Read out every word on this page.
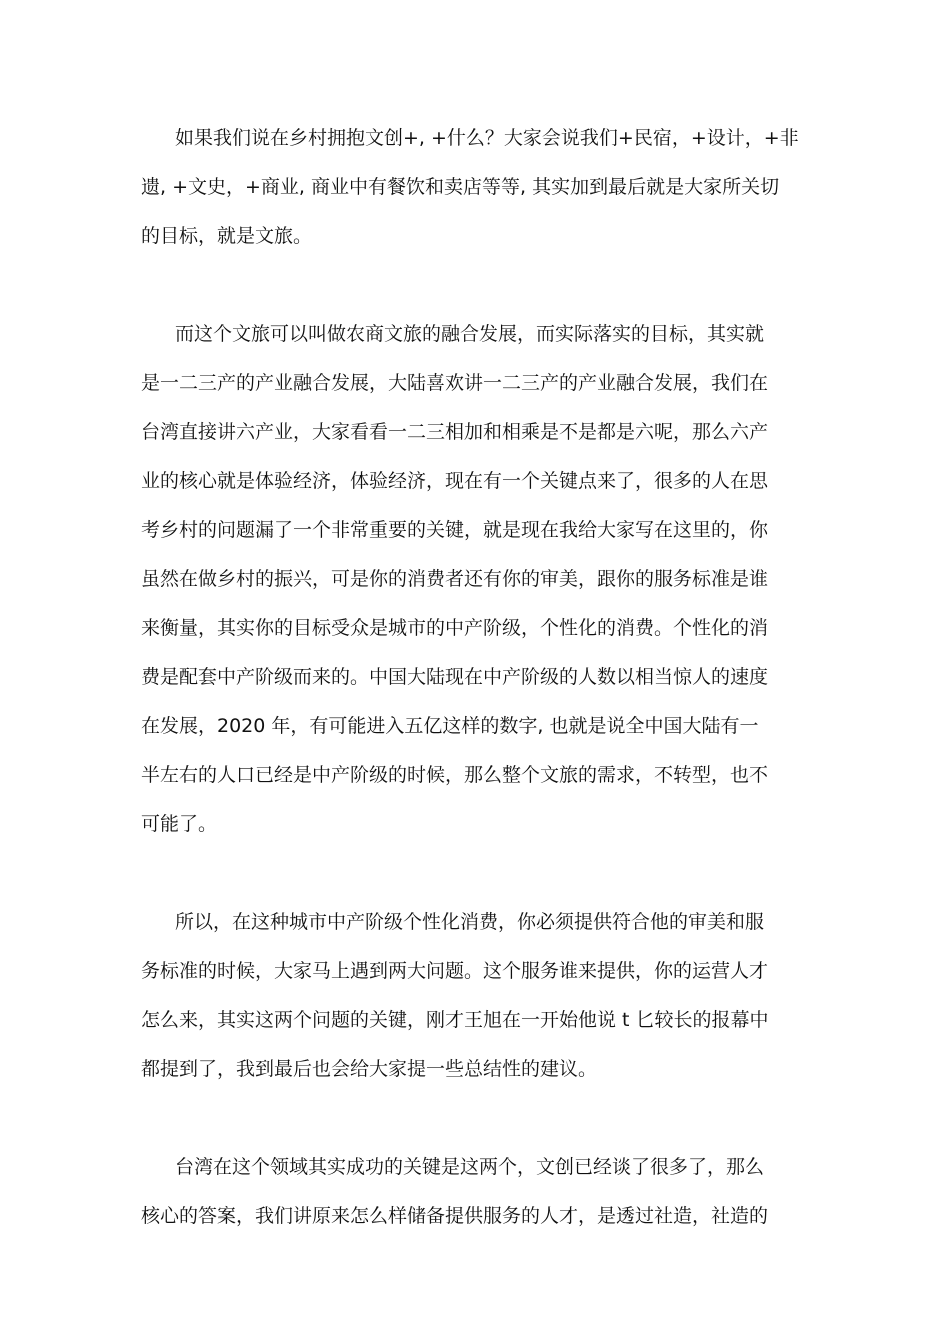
如果我们说在乡村拥抱文创+, +什么？大家会说我们+民宿，+设计，+非
遗, +文史，+商业, 商业中有餐饮和卖店等等, 其实加到最后就是大家所关切
的目标，就是文旅。
而这个文旅可以叫做农商文旅的融合发展，而实际落实的目标，其实就
是一二三产的产业融合发展，大陆喜欢讲一二三产的产业融合发展，我们在
台湾直接讲六产业，大家看看一二三相加和相乘是不是都是六呢，那么六产
业的核心就是体验经济，体验经济，现在有一个关键点来了，很多的人在思
考乡村的问题漏了一个非常重要的关键，就是现在我给大家写在这里的，你
虽然在做乡村的振兴，可是你的消费者还有你的审美，跟你的服务标准是谁
来衡量，其实你的目标受众是城市的中产阶级，个性化的消费。个性化的消
费是配套中产阶级而来的。中国大陆现在中产阶级的人数以相当惊人的速度
在发展，2020 年，有可能进入五亿这样的数字, 也就是说全中国大陆有一
半左右的人口已经是中产阶级的时候，那么整个文旅的需求，不转型，也不
可能了。
所以，在这种城市中产阶级个性化消费，你必须提供符合他的审美和服
务标准的时候，大家马上遇到两大问题。这个服务谁来提供，你的运营人才
怎么来，其实这两个问题的关键，刚才王旭在一开始他说 t 匕较长的报幕中
都提到了，我到最后也会给大家提一些总结性的建议。
台湾在这个领域其实成功的关键是这两个，文创已经谈了很多了，那么
核心的答案，我们讲原来怎么样储备提供服务的人才，是透过社造，社造的
